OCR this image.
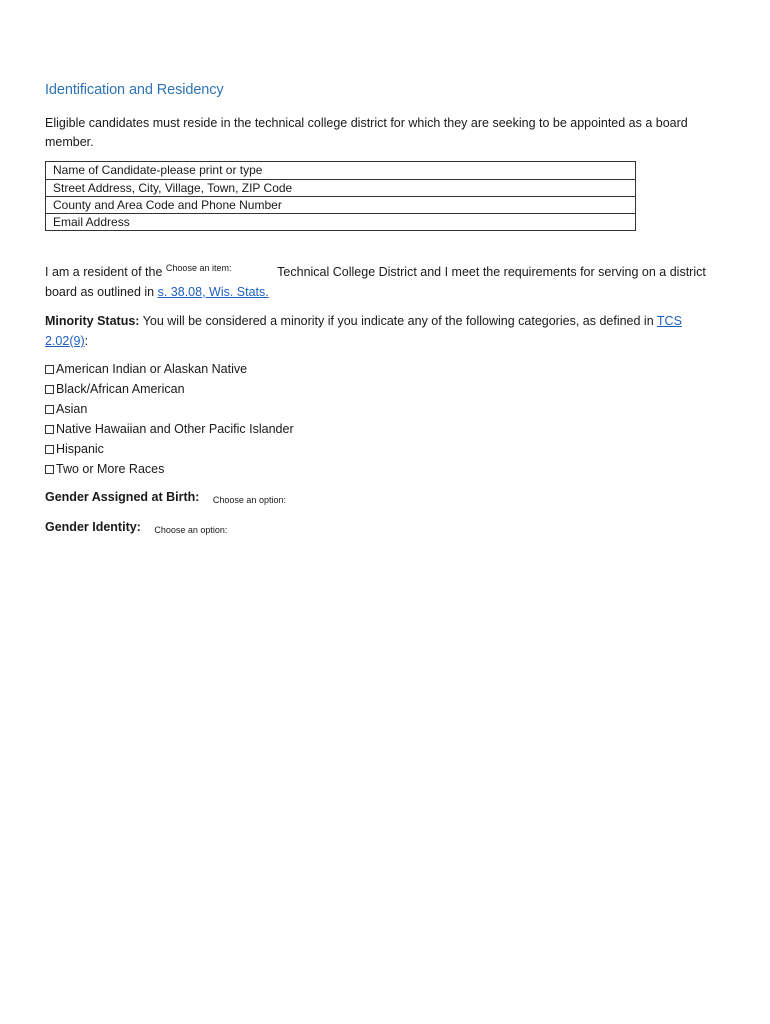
Identification and Residency
Eligible candidates must reside in the technical college district for which they are seeking to be appointed as a board member.
Name of Candidate-please print or type
Street Address, City, Village, Town, ZIP Code
County and Area Code and Phone Number
Email Address
I am a resident of the Choose an item:	Technical College District and I meet the requirements for serving on a district board as outlined in s. 38.08, Wis. Stats.
Minority Status: You will be considered a minority if you indicate any of the following categories, as defined in TCS 2.02(9):
American Indian or Alaskan Native
Black/African American
Asian
Native Hawaiian and Other Pacific Islander
Hispanic
Two or More Races
Gender Assigned at Birth: Choose an option:
Gender Identity: Choose an option:
